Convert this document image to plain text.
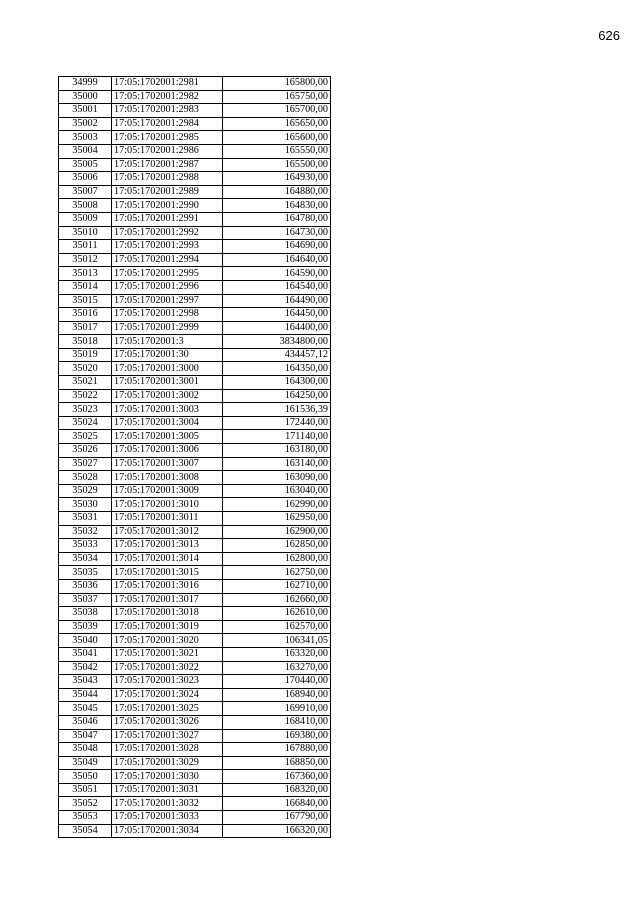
626
34999	17:05:1702001:2981	165800,00
35000	17:05:1702001:2982	165750,00
35001	17:05:1702001:2983	165700,00
35002	17:05:1702001:2984	165650,00
35003	17:05:1702001:2985	165600,00
35004	17:05:1702001:2986	165550,00
35005	17:05:1702001:2987	165500,00
35006	17:05:1702001:2988	164930,00
35007	17:05:1702001:2989	164880,00
35008	17:05:1702001:2990	164830,00
35009	17:05:1702001:2991	164780,00
35010	17:05:1702001:2992	164730,00
35011	17:05:1702001:2993	164690,00
35012	17:05:1702001:2994	164640,00
35013	17:05:1702001:2995	164590,00
35014	17:05:1702001:2996	164540,00
35015	17:05:1702001:2997	164490,00
35016	17:05:1702001:2998	164450,00
35017	17:05:1702001:2999	164400,00
35018	17:05:1702001:3	3834800,00
35019	17:05:1702001:30	434457,12
35020	17:05:1702001:3000	164350,00
35021	17:05:1702001:3001	164300,00
35022	17:05:1702001:3002	164250,00
35023	17:05:1702001:3003	161536,39
35024	17:05:1702001:3004	172440,00
35025	17:05:1702001:3005	171140,00
35026	17:05:1702001:3006	163180,00
35027	17:05:1702001:3007	163140,00
35028	17:05:1702001:3008	163090,00
35029	17:05:1702001:3009	163040,00
35030	17:05:1702001:3010	162990,00
35031	17:05:1702001:3011	162950,00
35032	17:05:1702001:3012	162900,00
35033	17:05:1702001:3013	162850,00
35034	17:05:1702001:3014	162800,00
35035	17:05:1702001:3015	162750,00
35036	17:05:1702001:3016	162710,00
35037	17:05:1702001:3017	162660,00
35038	17:05:1702001:3018	162610,00
35039	17:05:1702001:3019	162570,00
35040	17:05:1702001:3020	106341,05
35041	17:05:1702001:3021	163320,00
35042	17:05:1702001:3022	163270,00
35043	17:05:1702001:3023	170440,00
35044	17:05:1702001:3024	168940,00
35045	17:05:1702001:3025	169910,00
35046	17:05:1702001:3026	168410,00
35047	17:05:1702001:3027	169380,00
35048	17:05:1702001:3028	167880,00
35049	17:05:1702001:3029	168850,00
35050	17:05:1702001:3030	167360,00
35051	17:05:1702001:3031	168320,00
35052	17:05:1702001:3032	166840,00
35053	17:05:1702001:3033	167790,00
35054	17:05:1702001:3034	166320,00
